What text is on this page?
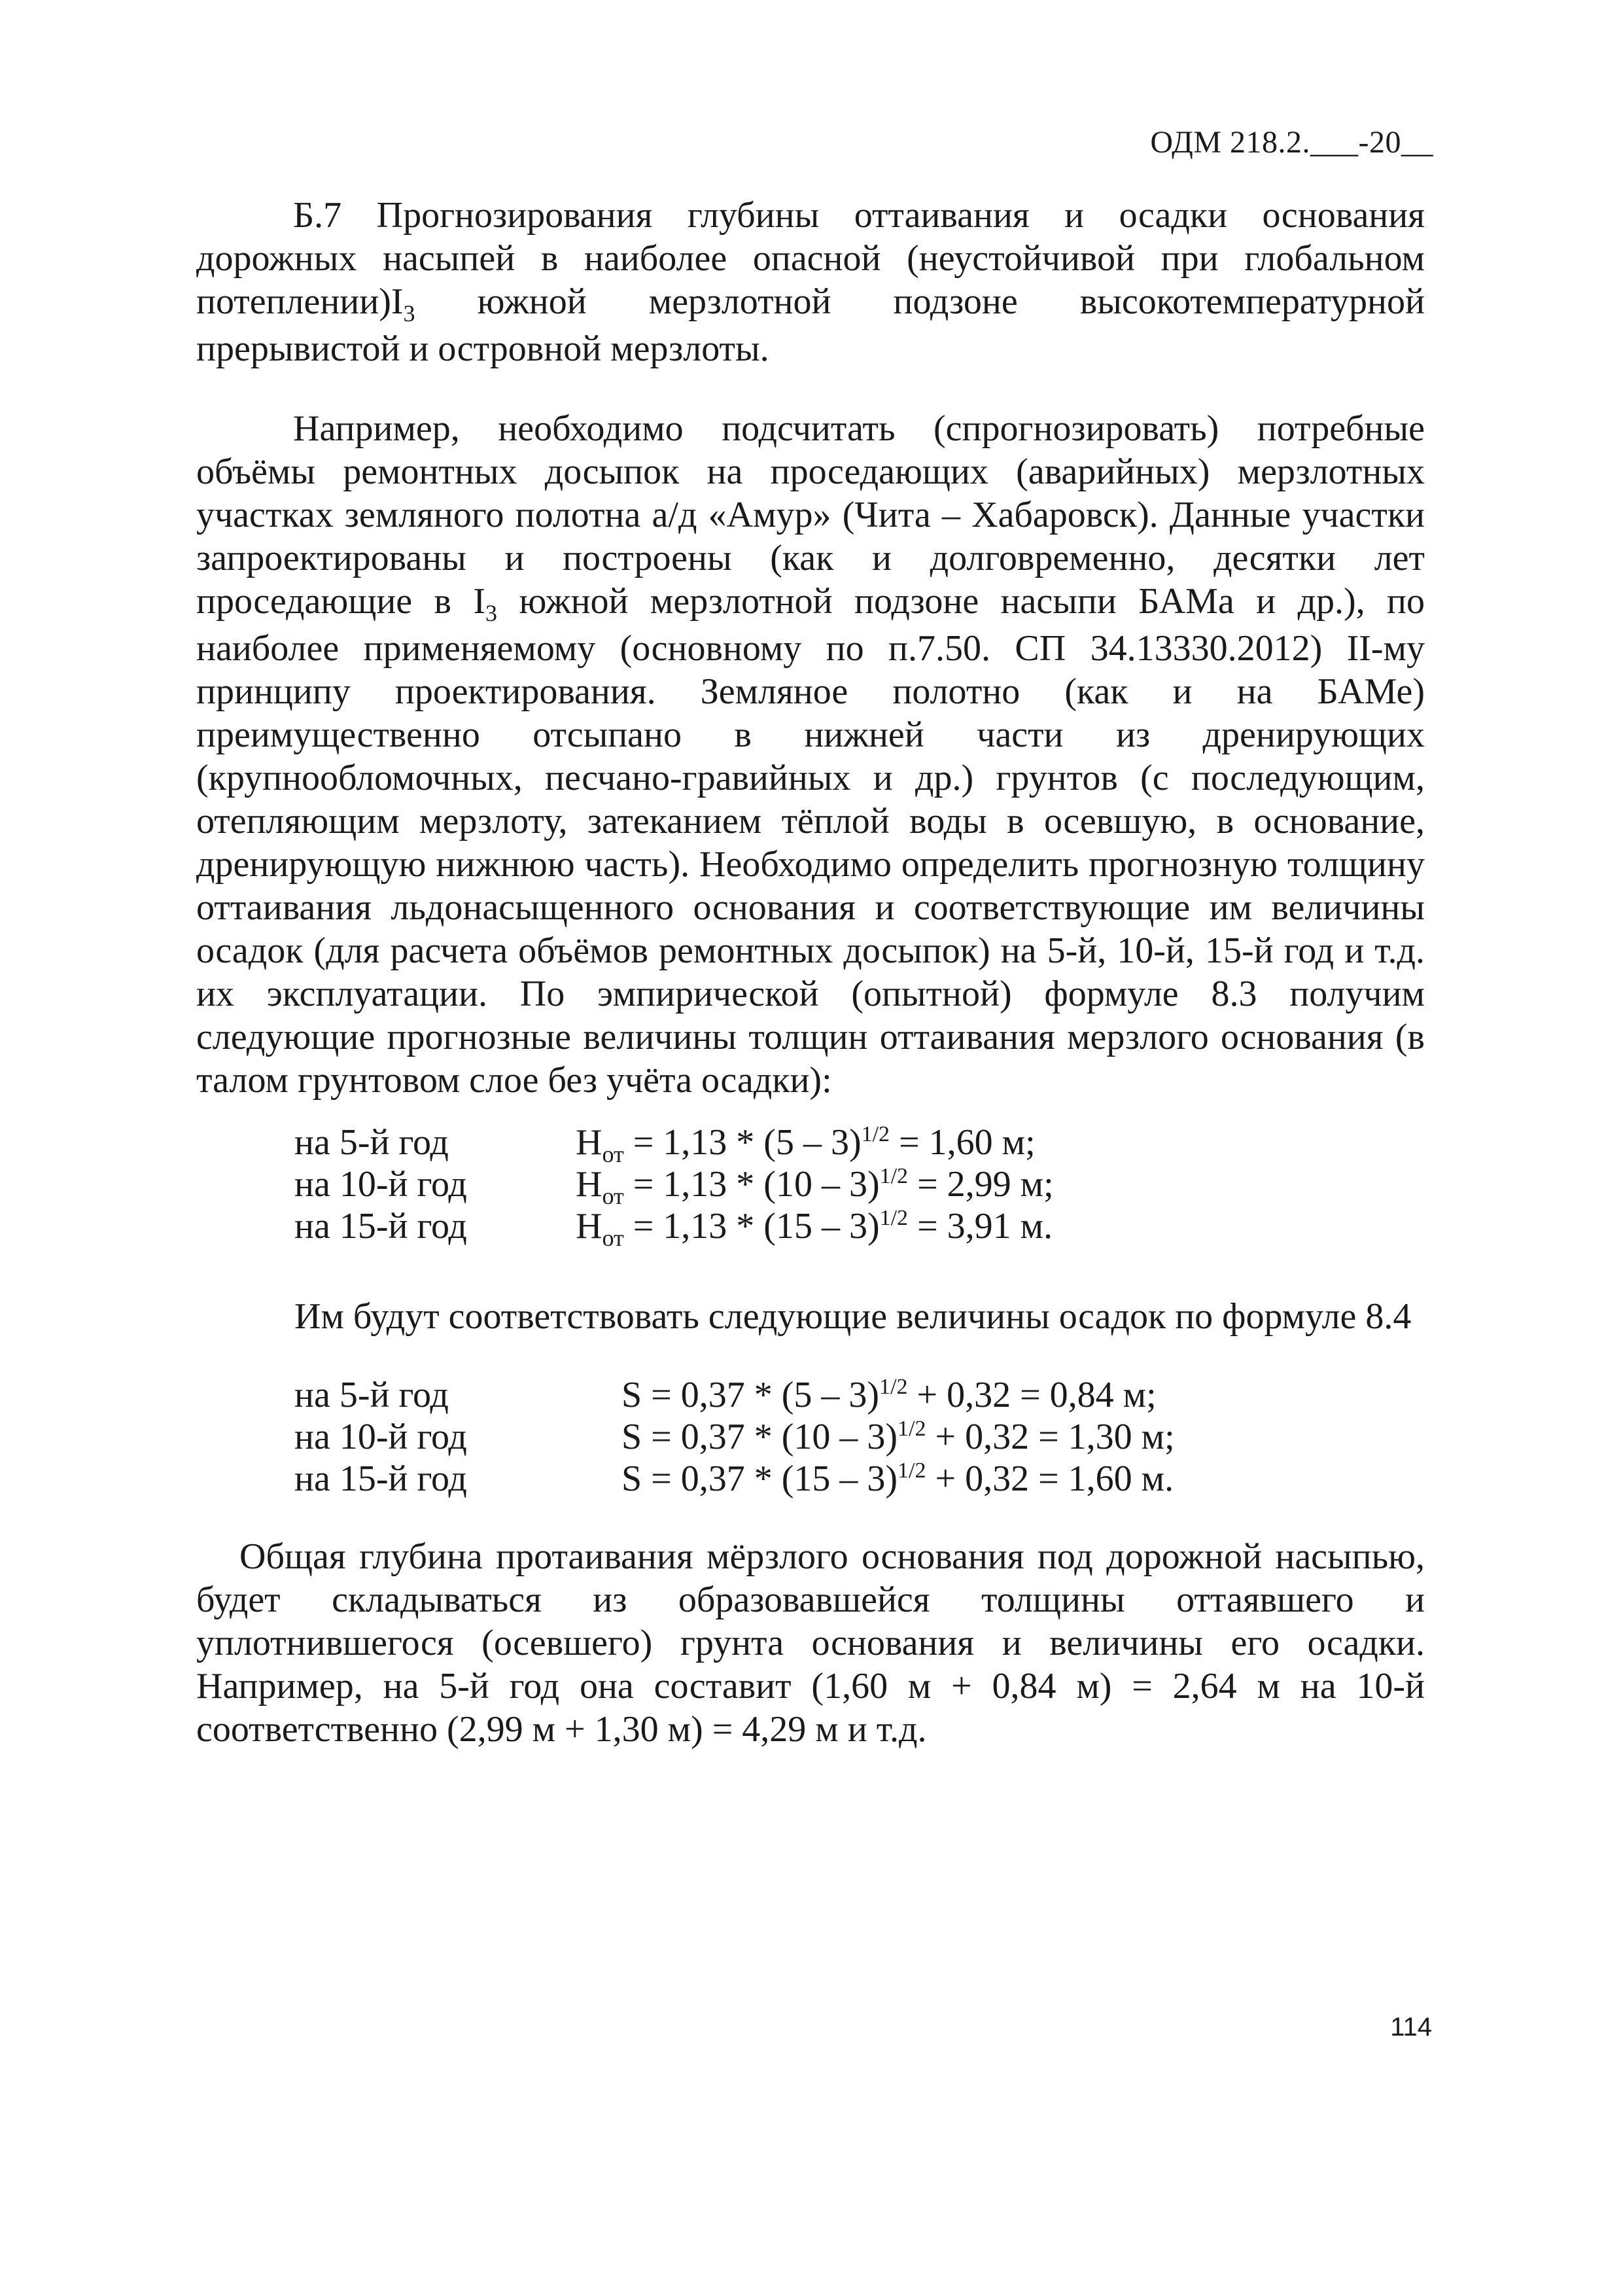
ОДМ 218.2.___-20__

Б.7 Прогнозирования глубины оттаивания и осадки основания дорожных насыпей в наиболее опасной (неустойчивой при глобальном $потеплении)I_3$ южной мерзлотной подзоне высокотемпературной прерывистой и островной мерзлоты.

Например, необходимо подсчитать (спрогнозировать) потребные объёмы ремонтных досыпок на проседающих (аварийных) мерзлотных участках земляного полотна а/д «Амур» (Чита – Хабаровск). Данные участки запроектированы и построены (как и долговременно, десятки лет проседающие в $I_3$ южной мерзлотной подзоне насыпи БАМа и др.), по наиболее применяемому (основному по п.7.50. СП 34.13330.2012) II-му принципу проектирования. Земляное полотно (как и на БАМе) преимущественно отсыпано в нижней части из дренирующих (крупнообломочных, песчано-гравийных и др.) грунтов (с последующим, отепляющим мерзлоту, затеканием тёплой воды в осевшую, в основание, дренирующую нижнюю часть). Необходимо определить прогнозную толщину оттаивания льдонасыщенного основания и соответствующие им величины осадок (для расчета объёмов ремонтных досыпок) на 5-й, 10-й, 15-й год и т.д. их эксплуатации. По эмпирической (опытной) формуле 8.3 получим следующие прогнозные величины толщин оттаивания мерзлого основания (в талом грунтовом слое без учёта осадки):

на 5-й год	$H_{от} = 1,13 * (5 - 3)^{1/2} = 1,60$ м;
на 10-й год	$H_{от} = 1,13 * (10 - 3)^{1/2} = 2,99$ м;
на 15-й год	$H_{от} = 1,13 * (15 - 3)^{1/2} = 3,91$ м.
Им будут соответствовать следующие величины осадок по формуле 8.4
на 5-й год	S = 0,37 * (5 – 3)$^{1/2}$ + 0,32 = 0,84 м;
на 10-й год	S = 0,37 * (10 – 3)$^{1/2}$ + 0,32 = 1,30 м;
на 15-й год	S = 0,37 * (15 – 3)$^{1/2}$ + 0,32 = 1,60 м.

Общая глубина протаивания мёрзлого основания под дорожной насыпью, будет складываться из образовавшейся толщины оттаявшего и уплотнившегося (осевшего) грунта основания и величины его осадки. Например, на 5-й год она составит (1,60 м + 0,84 м) = 2,64 м на 10-й соответственно (2,99 м + 1,30 м) = 4,29 м и т.д.

114
